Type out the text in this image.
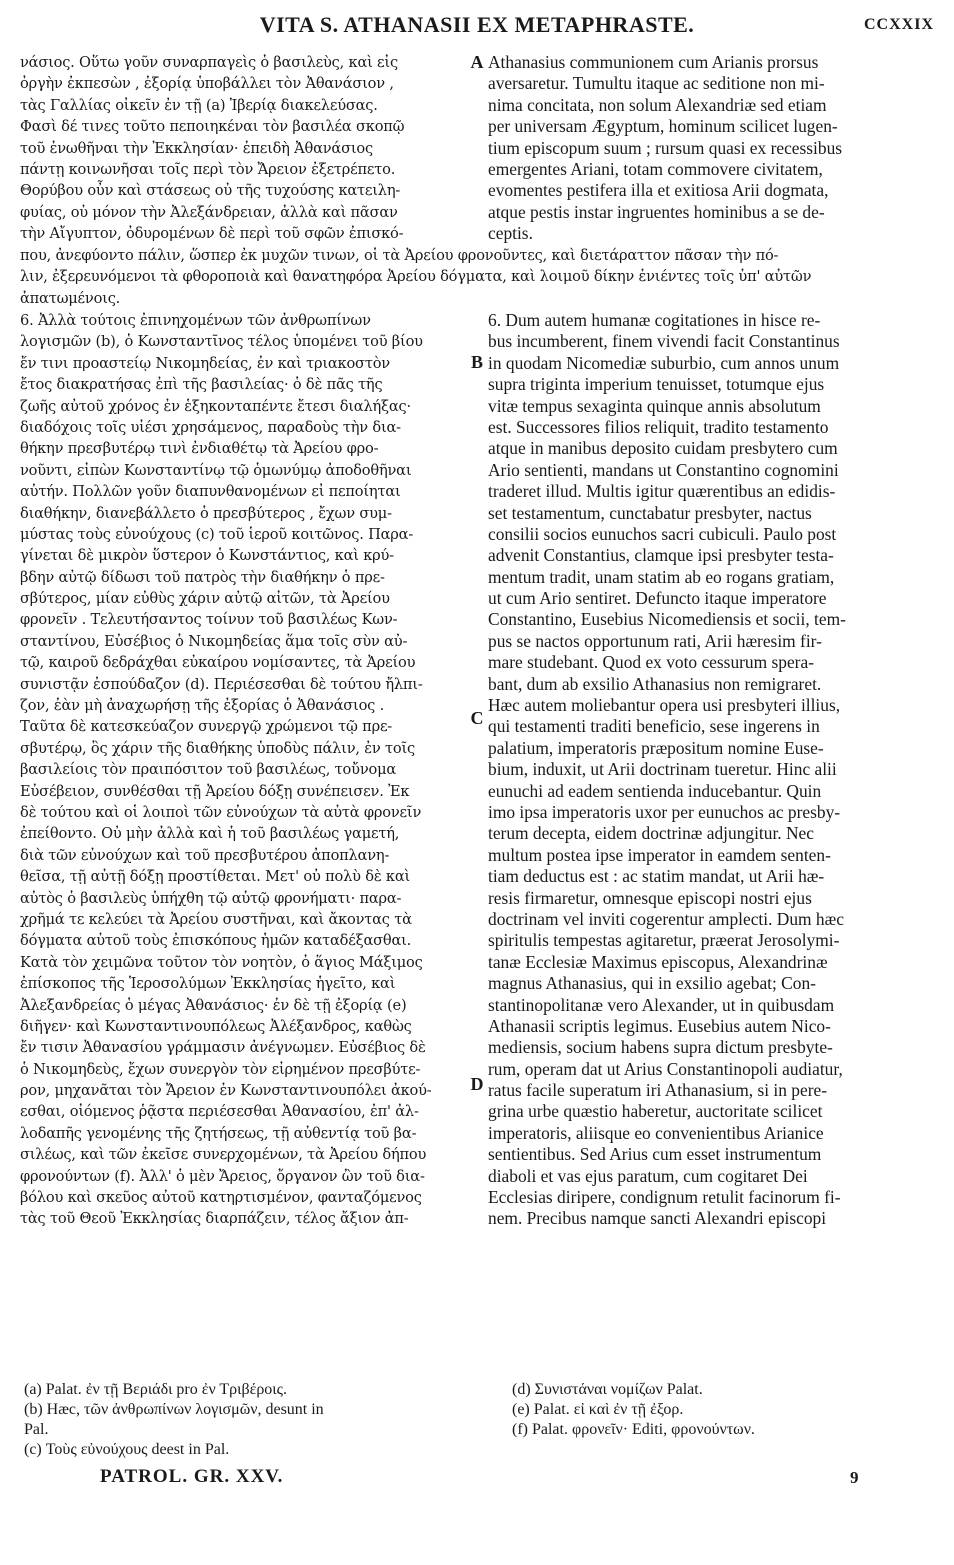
VITA S. ATHANASII EX METAPHRASTE.	CCXXIX
νάσιος. Οὕτω γοῦν συναρπαγεὶς ὁ βασιλεὺς, καὶ εἰς
ὀργὴν ἐκπεσὼν , ἐξορίᾳ ὑποβάλλει τὸν Ἀθανάσιον ,
τὰς Γαλλίας οἰκεῖν ἐν τῇ (a) Ἰβερίᾳ διακελεύσας.
Φασὶ δέ τινες τοῦτο πεποιηκέναι τὸν βασιλέα σκοπῷ
τοῦ ἐνωθῆναι τὴν Ἐκκλησίαν· ἐπειδὴ Ἀθανάσιος
πάντῃ κοινωνῆσαι τοῖς περὶ τὸν Ἄρειον ἐξετρέπετο.
Θορύβου οὖν καὶ στάσεως οὐ τῆς τυχούσης κατειλη-
φυίας, οὐ μόνον τὴν Ἀλεξάνδρειαν, ἀλλὰ καὶ πᾶσαν
τὴν Αἴγυπτον, ὀδυρομένων δὲ περὶ τοῦ σφῶν ἐπισκό-
Athanasius communionem cum Arianis prorsus
aversaretur. Tumultu itaque ac seditione non mi-
nima concitata, non solum Alexandriæ sed etiam
per universam Ægyptum, hominum scilicet lugen-
tium episcopum suum ; rursum quasi ex recessibus
emergentes Ariani, totam commovere civitatem,
evomentes pestifera illa et exitiosa Arii dogmata,
atque pestis instar ingruentes hominibus a se de-
ceptis.
που, ἀνεφύοντο πάλιν, ὥσπερ ἐκ μυχῶν τινων, οἱ τὰ Ἀρείου φρονοῦντες, καὶ διετάραττον πᾶσαν τὴν πό-
λιν, ἐξερευνόμενοι τὰ φθοροποιὰ καὶ θανατηφόρα Ἀρείου δόγματα, καὶ λοιμοῦ δίκην ἐνιέντες τοῖς ὑπ' αὐτῶν
ἀπατωμένοις.
6. Ἀλλὰ τούτοις ἐπινηχομένων τῶν ἀνθρωπίνων
λογισμῶν (b), ὁ Κωνσταντῖνος τέλος ὑπομένει τοῦ βίου
ἔν τινι προαστείῳ Νικομηδείας, ἐν καὶ τριακοστὸν
ἔτος διακρατήσας ἐπὶ τῆς βασιλείας· ὁ δὲ πᾶς τῆς
ζωῆς αὐτοῦ χρόνος ἐν ἑξηκονταπέντε ἔτεσι διαλήξας·
διαδόχοις τοῖς υἱέσι χρησάμενος, παραδοὺς τὴν δια-
θήκην πρεσβυτέρῳ τινὶ ἐνδιαθέτῳ τὰ Ἀρείου φρο-
νοῦντι, εἰπὼν Κωνσταντίνῳ τῷ ὁμωνύμῳ ἀποδοθῆναι
αὐτήν. Πολλῶν γοῦν διαπυνθανομένων εἰ πεποίηται
διαθήκην, διανεβάλλετο ὁ πρεσβύτερος , ἔχων συμ-
μύστας τοὺς εὐνούχους (c) τοῦ ἱεροῦ κοιτῶνος. Παρα-
γίνεται δὲ μικρὸν ὕστερον ὁ Κωνστάντιος, καὶ κρύ-
βδην αὐτῷ δίδωσι τοῦ πατρὸς τὴν διαθήκην ὁ πρε-
σβύτερος, μίαν εὐθὺς χάριν αὐτῷ αἰτῶν, τὰ Ἀρείου
φρονεῖν . Τελευτήσαντος τοίνυν τοῦ βασιλέως Κων-
σταντίνου, Εὐσέβιος ὁ Νικομηδείας ἅμα τοῖς σὺν αὐ-
τῷ, καιροῦ δεδράχθαι εὐκαίρου νομίσαντες, τὰ Ἀρείου
συνιστᾷν ἐσπούδαζον (d). Περιέσεσθαι δὲ τούτου ἤλπι-
ζον, ἐὰν μὴ ἀναχωρήσῃ τῆς ἐξορίας ὁ Ἀθανάσιος .
Ταῦτα δὲ κατεσκεύαζον συνεργῷ χρώμενοι τῷ πρε-
σβυτέρῳ, ὃς χάριν τῆς διαθήκης ὑποδὺς πάλιν, ἐν τοῖς
βασιλείοις τὸν πραιπόσιτον τοῦ βασιλέως, τοὔνομα
Εὐσέβειον, συνθέσθαι τῇ Ἀρείου δόξῃ συνέπεισεν. Ἐκ
δὲ τούτου καὶ οἱ λοιποὶ τῶν εὐνούχων τὰ αὐτὰ φρονεῖν
ἐπείθοντο. Οὐ μὴν ἀλλὰ καὶ ἡ τοῦ βασιλέως γαμετή,
διὰ τῶν εὐνούχων καὶ τοῦ πρεσβυτέρου ἀποπλανη-
θεῖσα, τῇ αὐτῇ δόξῃ προστίθεται. Μετ' οὐ πολὺ δὲ καὶ
αὐτὸς ὁ βασιλεὺς ὑπήχθη τῷ αὐτῷ φρονήματι· παρα-
χρῆμά τε κελεύει τὰ Ἀρείου συστῆναι, καὶ ἄκοντας τὰ
δόγματα αὐτοῦ τοὺς ἐπισκόπους ἡμῶν καταδέξασθαι.
Κατὰ τὸν χειμῶνα τοῦτον τὸν νοητὸν, ὁ ἅγιος Μάξιμος
ἐπίσκοπος τῆς Ἱεροσολύμων Ἐκκλησίας ἡγεῖτο, καὶ
Ἀλεξανδρείας ὁ μέγας Ἀθανάσιος· ἐν δὲ τῇ ἐξορίᾳ (e)
διῆγεν· καὶ Κωνσταντινουπόλεως Ἀλέξανδρος, καθὼς
ἔν τισιν Ἀθανασίου γράμμασιν ἀνέγνωμεν. Εὐσέβιος δὲ
ὁ Νικομηδεὺς, ἔχων συνεργὸν τὸν εἰρημένον πρεσβύτε-
ρον, μηχανᾶται τὸν Ἄρειον ἐν Κωνσταντινουπόλει ἀκού-
εσθαι, οἰόμενος ῥᾷστα περιέσεσθαι Ἀθανασίου, ἐπ' ἀλ-
λοδαπῆς γενομένης τῆς ζητήσεως, τῇ αὐθεντίᾳ τοῦ βα-
σιλέως, καὶ τῶν ἐκεῖσε συνερχομένων, τὰ Ἀρείου δήπου
φρονούντων (f). Ἀλλ' ὁ μὲν Ἄρειος, ὄργανον ὢν τοῦ δια-
βόλου καὶ σκεῦος αὐτοῦ κατηρτισμένον, φανταζόμενος
τὰς τοῦ Θεοῦ Ἐκκλησίας διαρπάζειν, τέλος ἄξιον ἀπ-
6. Dum autem humanæ cogitationes in hisce re-
bus incumberent, finem vivendi facit Constantinus
in quodam Nicomediæ suburbio, cum annos unum
supra triginta imperium tenuisset, totumque ejus
vitæ tempus sexaginta quinque annis absolutum
est. Successores filios reliquit, tradito testamento
atque in manibus deposito cuidam presbytero cum
Ario sentienti, mandans ut Constantino cognomini
traderet illud. Multis igitur quærentibus an edidis-
set testamentum, cunctabatur presbyter, nactus
consilii socios eunuchos sacri cubiculi. Paulo post
advenit Constantius, clamque ipsi presbyter testa-
mentum tradit, unam statim ab eo rogans gratiam,
ut cum Ario sentiret. Defuncto itaque imperatore
Constantino, Eusebius Nicomediensis et socii, tem-
pus se nactos opportunum rati, Arii hæresim fir-
mare studebant. Quod ex voto cessurum spera-
bant, dum ab exsilio Athanasius non remigraret.
Hæc autem moliebantur opera usi presbyteri illius,
qui testamenti traditi beneficio, sese ingerens in
palatium, imperatoris præpositum nomine Euse-
bium, induxit, ut Arii doctrinam tueretur. Hinc alii
eunuchi ad eadem sentienda inducebantur. Quin
imo ipsa imperatoris uxor per eunuchos ac presby-
terum decepta, eidem doctrinæ adjungitur. Nec
multum postea ipse imperator in eamdem senten-
tiam deductus est : ac statim mandat, ut Arii hæ-
resis firmaretur, omnesque episcopi nostri ejus
doctrinam vel inviti cogerentur amplecti. Dum hæc
spiritulis tempestas agitaretur, præerat Jerosolymi-
tanæ Ecclesiæ Maximus episcopus, Alexandrinæ
magnus Athanasius, qui in exsilio agebat; Con-
stantinopolitanæ vero Alexander, ut in quibusdam
Athanasii scriptis legimus. Eusebius autem Nico-
mediensis, socium habens supra dictum presbyte-
rum, operam dat ut Arius Constantinopoli audiatur,
ratus facile superatum iri Athanasium, si in pere-
grina urbe quæstio haberetur, auctoritate scilicet
imperatoris, aliisque eo convenientibus Arianice
sentientibus. Sed Arius cum esset instrumentum
diaboli et vas ejus paratum, cum cogitaret Dei
Ecclesias diripere, condignum retulit facinorum fi-
nem. Precibus namque sancti Alexandri episcopi
A
B
C
D
(a) Palat. ἐν τῇ Βεριάδι pro ἐν Τριβέροις.
(b) Hæc, τῶν ἀνθρωπίνων λογισμῶν, desunt in
Pal.
(c) Τοὺς εὐνούχους deest in Pal.
(d) Συνιστάναι νομίζων Palat.
(e) Palat. εἰ καὶ ἐν τῇ ἐξορ.
(f) Palat. φρονεῖν· Editi, φρονούντων.
PATROL. GR. XXV.	9
